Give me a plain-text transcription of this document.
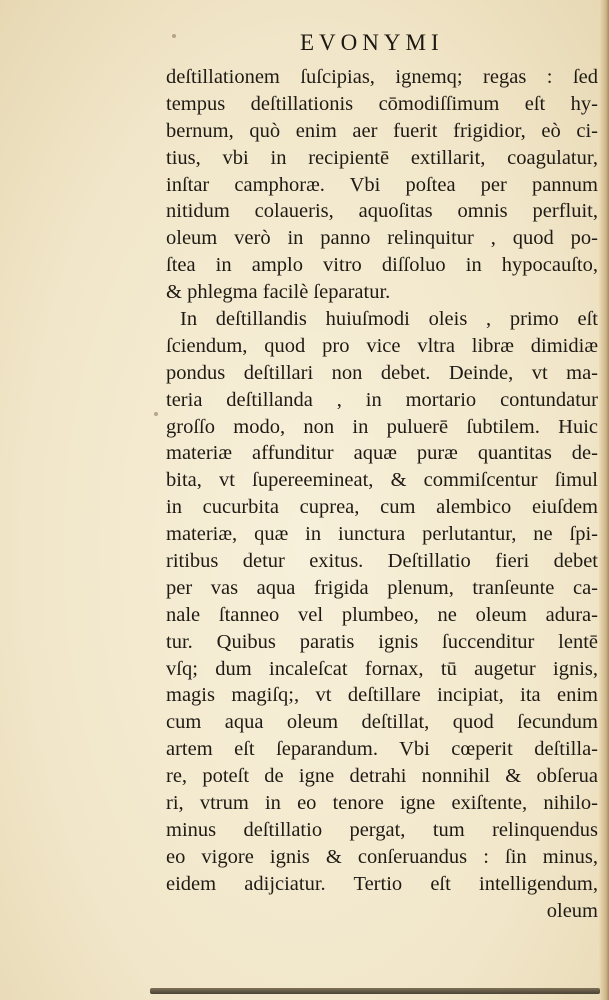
EVONYMI
deſtillationem ſuſcipias, ignemq; regas : ſed
tempus deſtillationis cōmodiſſimum eſt hy-
bernum, quò enim aer fuerit frigidior, eò ci-
tius, vbi in recipientē extillarit, coagulatur,
inſtar camphoræ. Vbi poſtea per pannum
nitidum colaueris, aquoſitas omnis perfluit,
oleum verò in panno relinquitur , quod po-
ſtea in amplo vitro diſſoluo in hypocauſto,
& phlegma facilè ſeparatur.
In deſtillandis huiuſmodi oleis , primo eſt
ſciendum, quod pro vice vltra libræ dimidiæ
pondus deſtillari non debet. Deinde, vt ma-
teria deſtillanda , in mortario contundatur
groſſo modo, non in puluerē ſubtilem. Huic
materiæ affunditur aquæ puræ quantitas de-
bita, vt ſupereemineat, & commiſcentur ſimul
in cucurbita cuprea, cum alembico eiuſdem
materiæ, quæ in iunctura perlutantur, ne ſpi-
ritibus detur exitus. Deſtillatio fieri debet
per vas aqua frigida plenum, tranſeunte ca-
nale ſtanneo vel plumbeo, ne oleum adura-
tur. Quibus paratis ignis ſuccenditur lentē
vſq; dum incaleſcat fornax, tū augetur ignis,
magis magiſq;, vt deſtillare incipiat, ita enim
cum aqua oleum deſtillat, quod ſecundum
artem eſt ſeparandum. Vbi cœperit deſtilla-
re, poteſt de igne detrahi nonnihil & obſerua
ri, vtrum in eo tenore igne exiſtente, nihilo-
minus deſtillatio pergat, tum relinquendus
eo vigore ignis & conſeruandus : ſin minus,
eidem adijciatur. Tertio eſt intelligendum,
oleum
